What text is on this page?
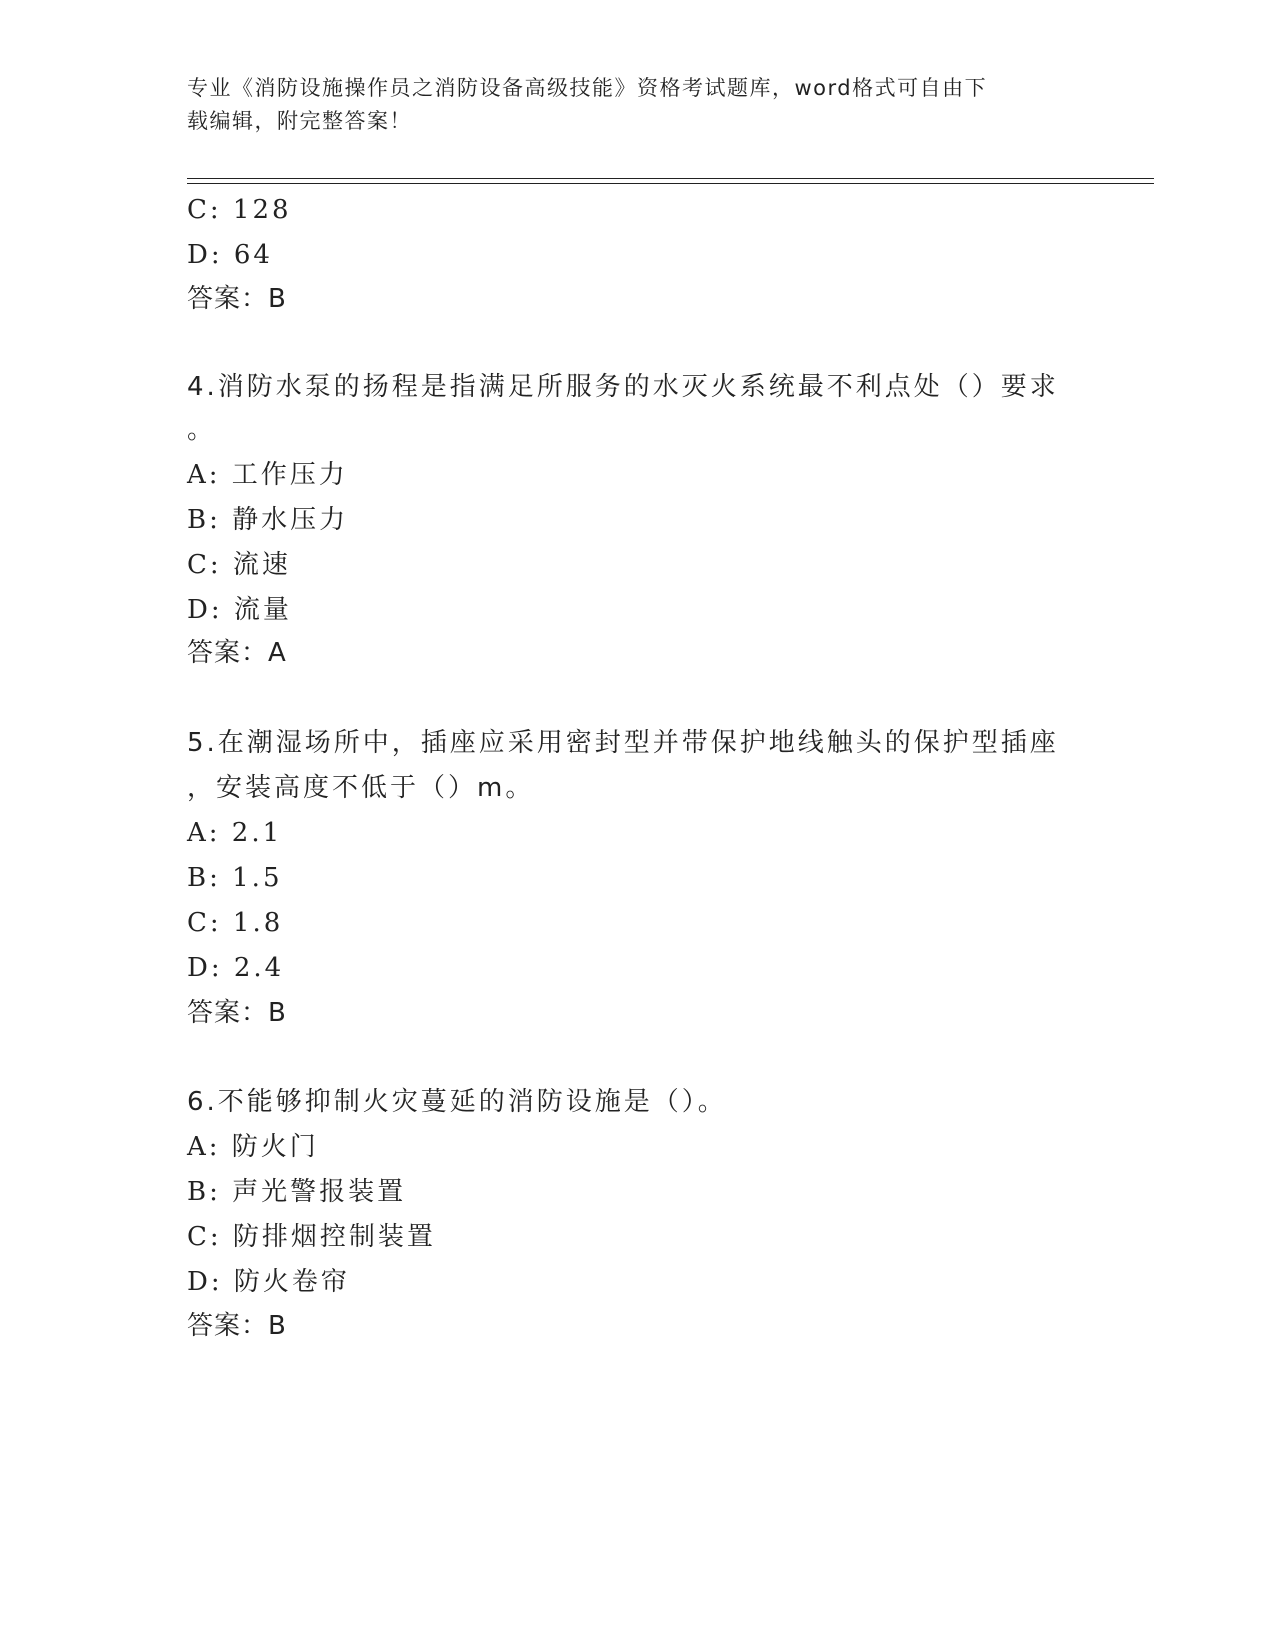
专业《消防设施操作员之消防设备高级技能》资格考试题库，word格式可自由下
载编辑，附完整答案！
C: 128
D: 64
答案：B
4.消防水泵的扬程是指满足所服务的水灭火系统最不利点处（）要求
。
A: 工作压力
B: 静水压力
C: 流速
D: 流量
答案：A
5.在潮湿场所中，插座应采用密封型并带保护地线触头的保护型插座
，安装高度不低于（）m。
A: 2.1
B: 1.5
C: 1.8
D: 2.4
答案：B
6.不能够抑制火灾蔓延的消防设施是（）。
A: 防火门
B: 声光警报装置
C: 防排烟控制装置
D: 防火卷帘
答案：B
